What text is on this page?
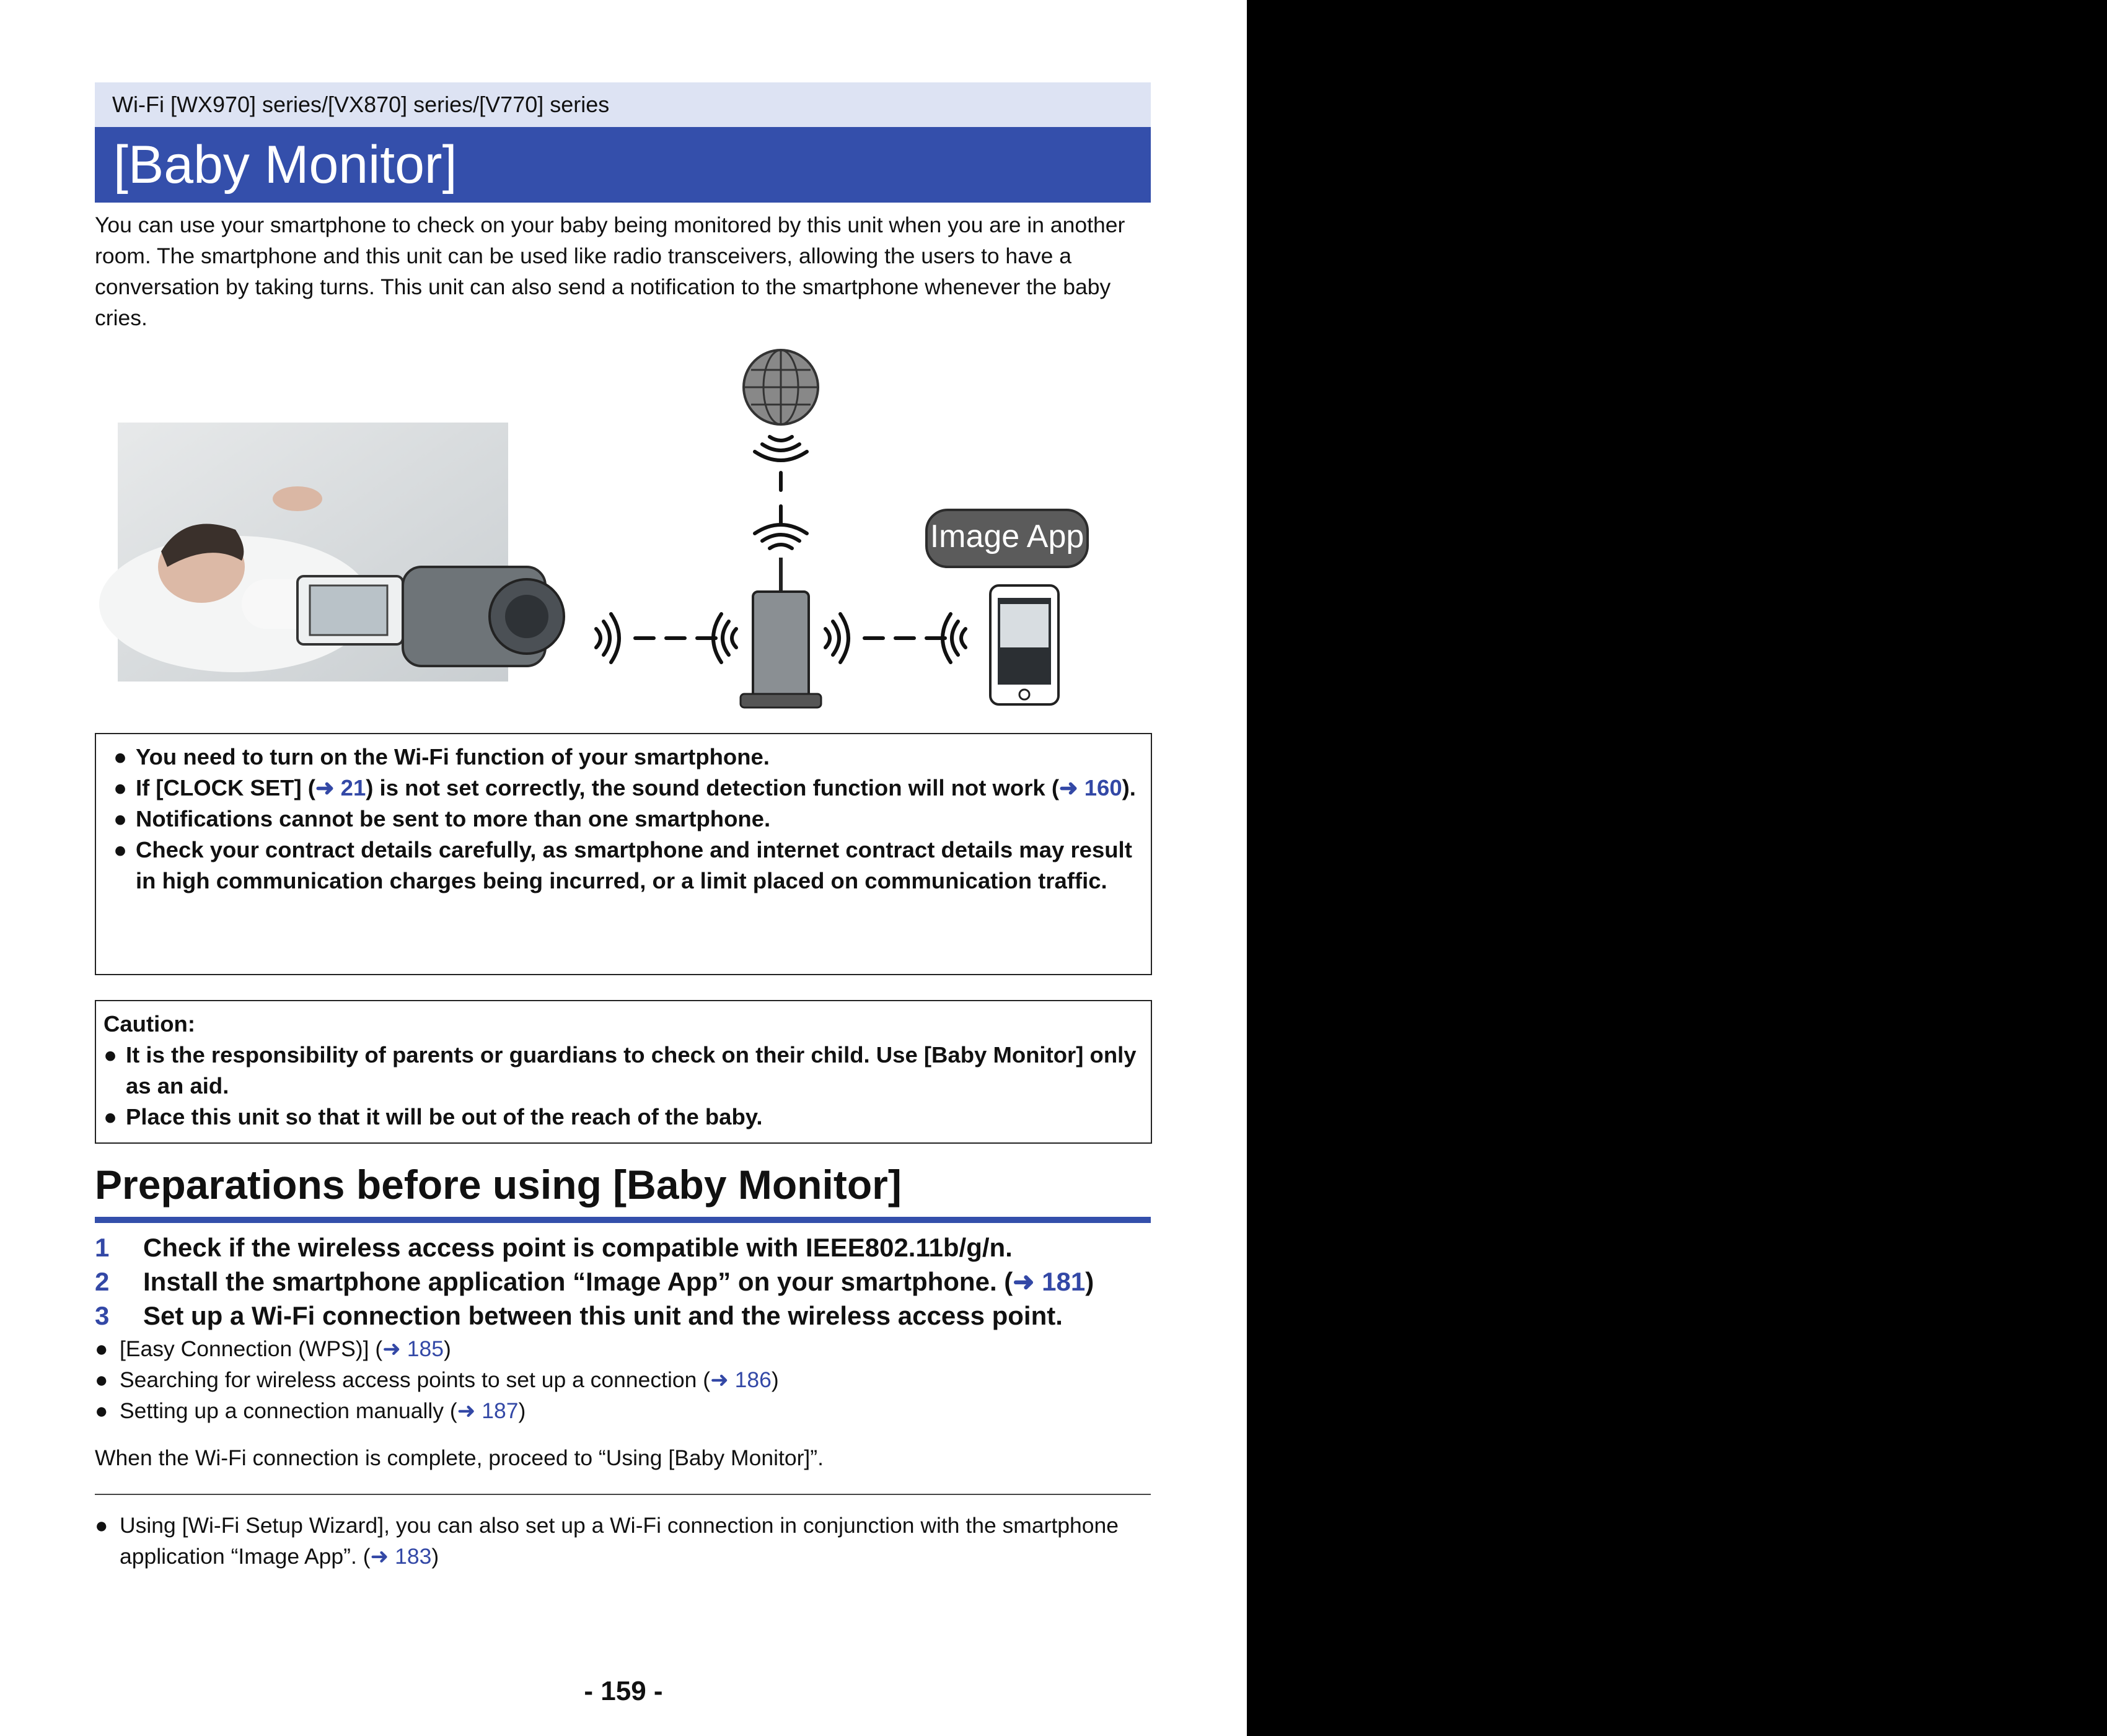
Wi-Fi [WX970] series/[VX870] series/[V770] series
[Baby Monitor]
You can use your smartphone to check on your baby being monitored by this unit when you are in another room. The smartphone and this unit can be used like radio transceivers, allowing the users to have a conversation by taking turns. This unit can also send a notification to the smartphone whenever the baby cries.
Image App
● You need to turn on the Wi-Fi function of your smartphone.
● If [CLOCK SET] (➜ 21) is not set correctly, the sound detection function will not work (➜ 160).
● Notifications cannot be sent to more than one smartphone.
● Check your contract details carefully, as smartphone and internet contract details may result in high communication charges being incurred, or a limit placed on communication traffic.
Caution:
● It is the responsibility of parents or guardians to check on their child. Use [Baby Monitor] only as an aid.
● Place this unit so that it will be out of the reach of the baby.
Preparations before using [Baby Monitor]
1 Check if the wireless access point is compatible with IEEE802.11b/g/n.
2 Install the smartphone application “Image App” on your smartphone. (➜ 181)
3 Set up a Wi-Fi connection between this unit and the wireless access point.
● [Easy Connection (WPS)] (➜ 185)
● Searching for wireless access points to set up a connection (➜ 186)
● Setting up a connection manually (➜ 187)
When the Wi-Fi connection is complete, proceed to “Using [Baby Monitor]”.
● Using [Wi-Fi Setup Wizard], you can also set up a Wi-Fi connection in conjunction with the smartphone application “Image App”. (➜ 183)
- 159 -
